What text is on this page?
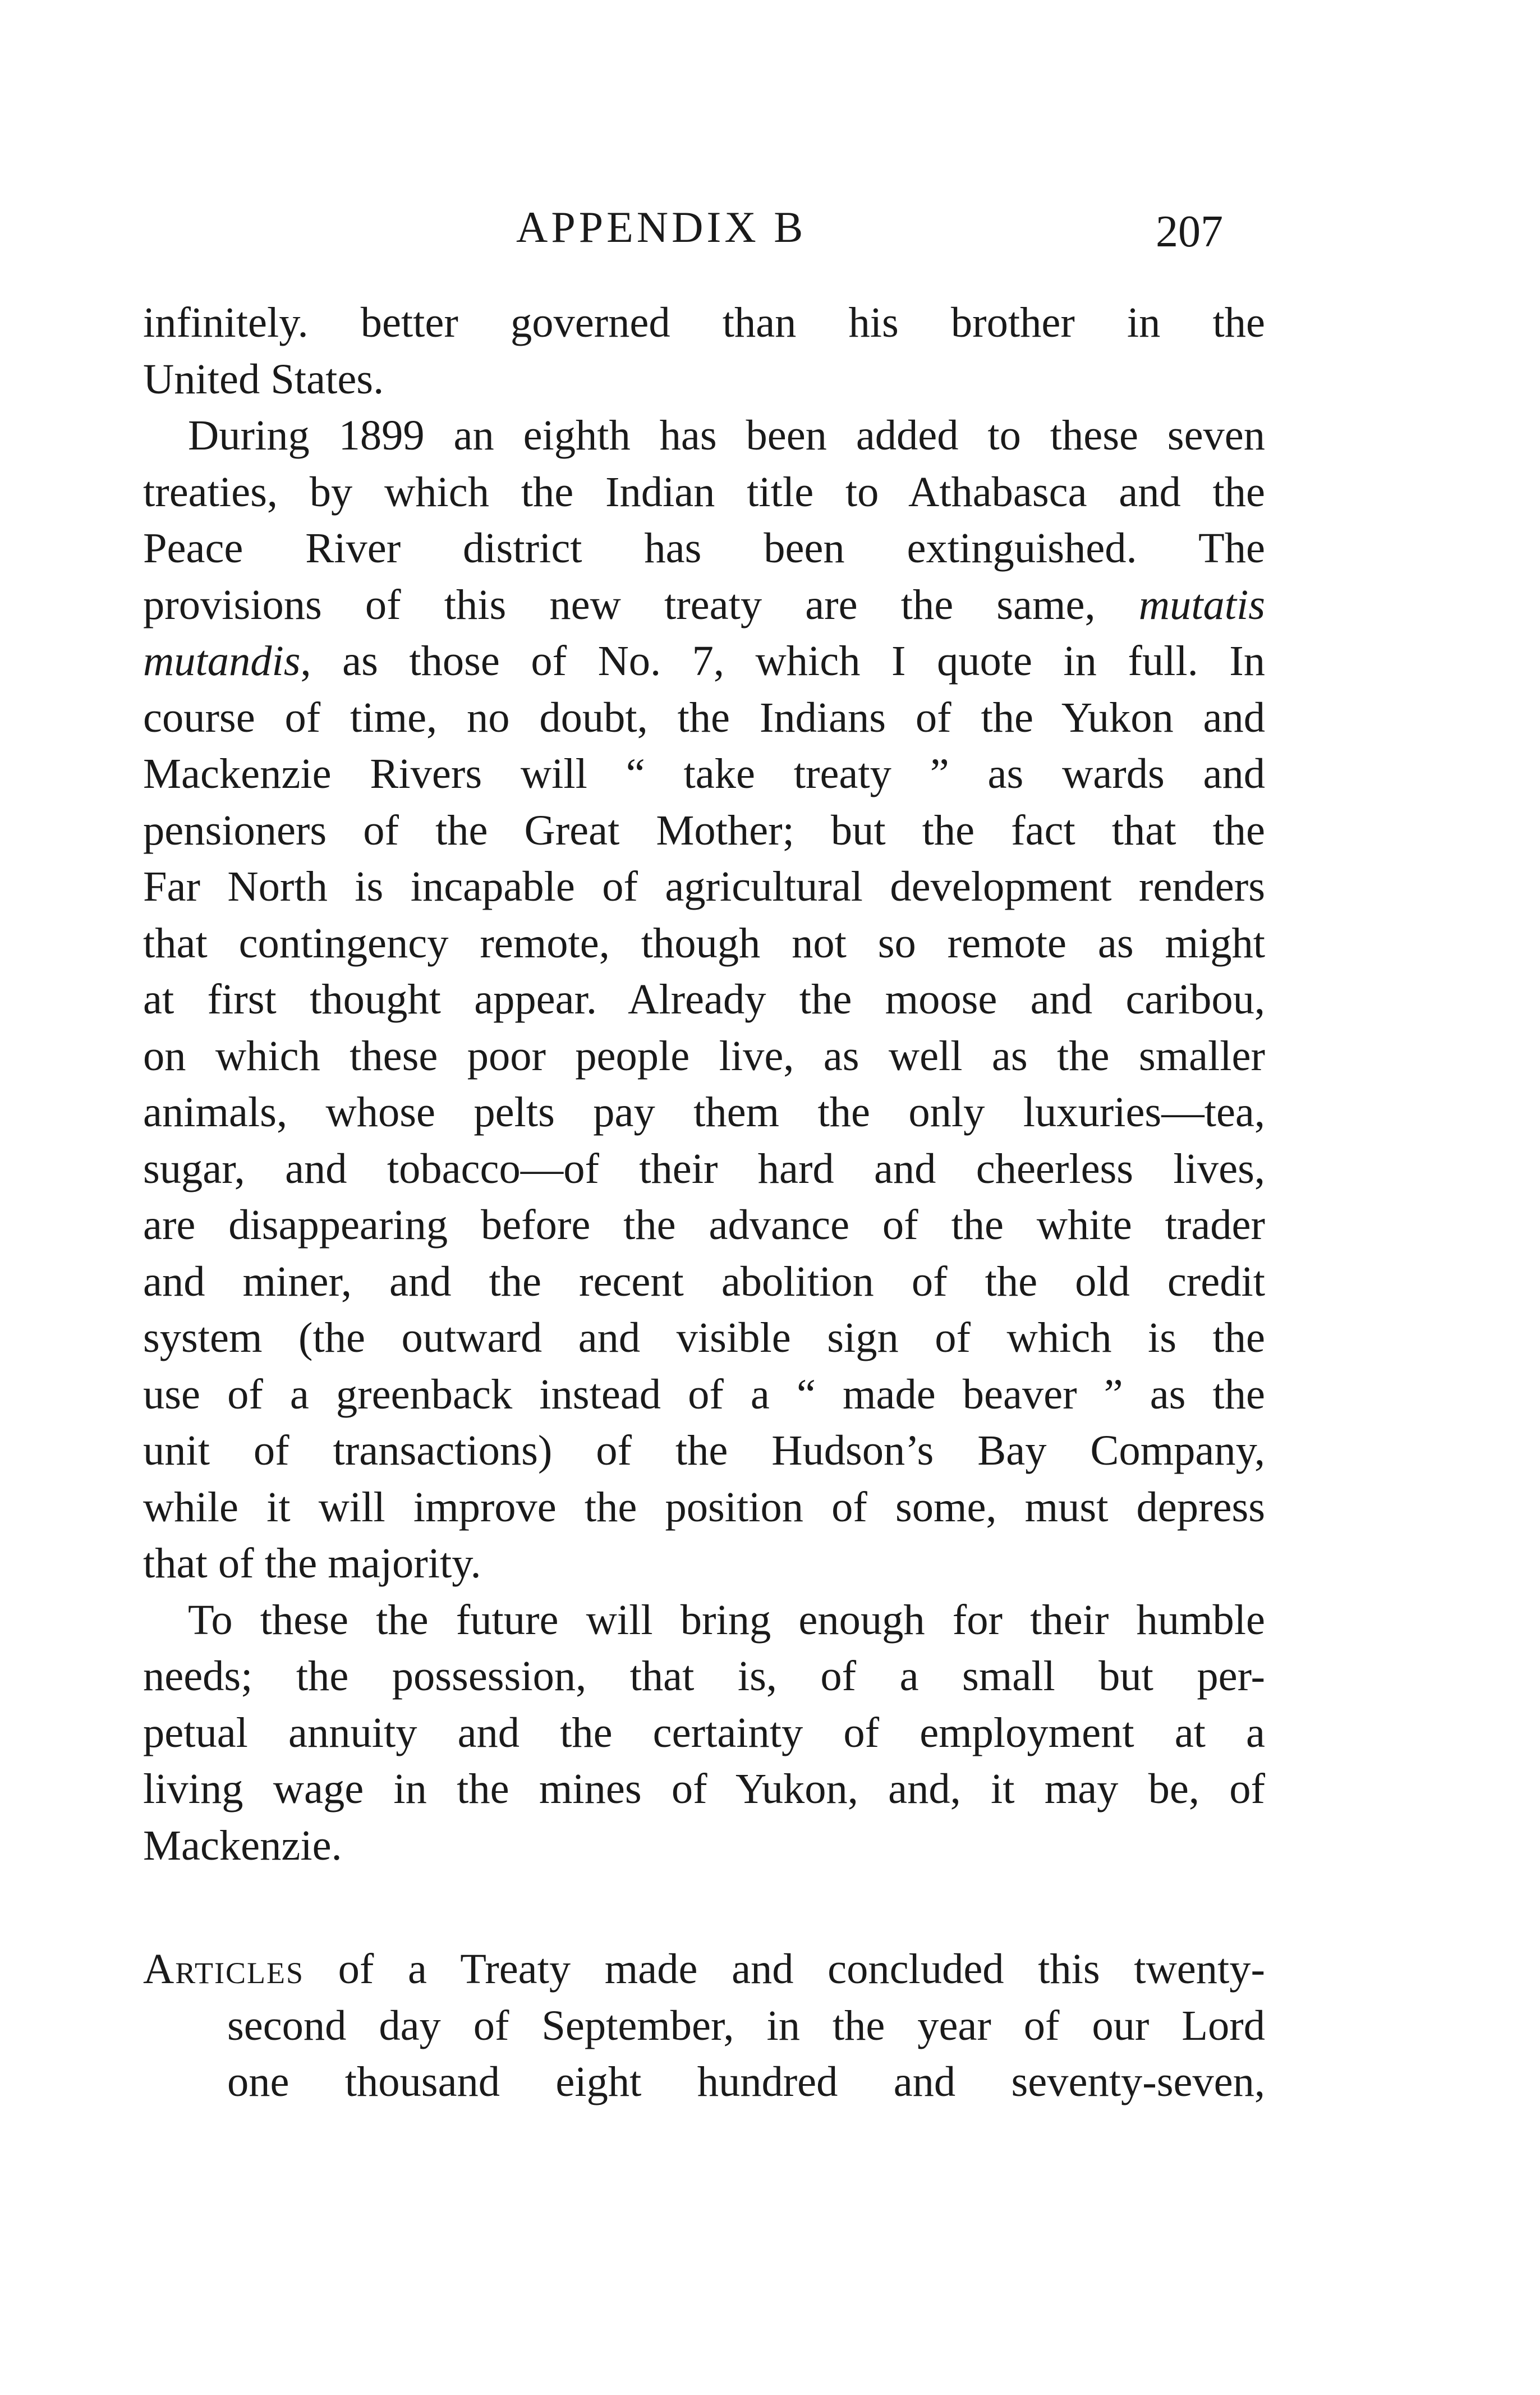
APPENDIX B	207
infinitely. better governed than his brother in the
United States.
During 1899 an eighth has been added to these seven
treaties, by which the Indian title to Athabasca and the
Peace River district has been extinguished. The
provisions of this new treaty are the same, mutatis
mutandis, as those of No. 7, which I quote in full. In
course of time, no doubt, the Indians of the Yukon and
Mackenzie Rivers will “ take treaty ” as wards and
pensioners of the Great Mother; but the fact that the
Far North is incapable of agricultural development renders
that contingency remote, though not so remote as might
at first thought appear. Already the moose and caribou,
on which these poor people live, as well as the smaller
animals, whose pelts pay them the only luxuries—tea,
sugar, and tobacco—of their hard and cheerless lives,
are disappearing before the advance of the white trader
and miner, and the recent abolition of the old credit
system (the outward and visible sign of which is the
use of a greenback instead of a “ made beaver ” as the
unit of transactions) of the Hudson’s Bay Company,
while it will improve the position of some, must depress
that of the majority.
To these the future will bring enough for their humble
needs; the possession, that is, of a small but per-
petual annuity and the certainty of employment at a
living wage in the mines of Yukon, and, it may be, of
Mackenzie.
Articles of a Treaty made and concluded this twenty-
second day of September, in the year of our Lord
one thousand eight hundred and seventy-seven,
